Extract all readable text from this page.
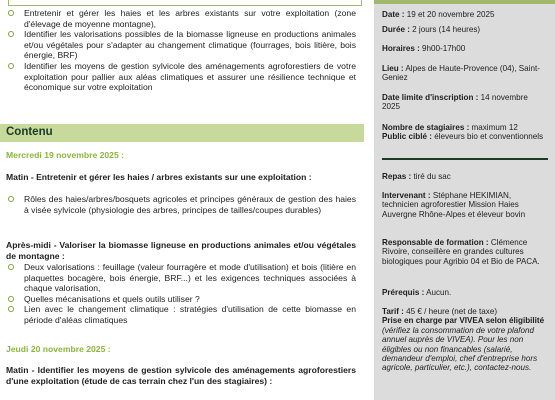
Entretenir et gérer les haies et les arbres existants sur votre exploitation (zone d'élevage de moyenne montagne),
Identifier les valorisations possibles de la biomasse ligneuse en productions animales et/ou végétales pour s'adapter au changement climatique (fourrages, bois litière, bois énergie, BRF)
Identifier les moyens de gestion sylvicole des aménagements agroforestiers de votre exploitation pour pallier aux aléas climatiques et assurer une résilience technique et économique sur votre exploitation
Contenu
Mercredi 19 novembre 2025 :
Matin - Entretenir et gérer les haies / arbres existants sur une exploitation :
Rôles des haies/arbres/bosquets agricoles et principes généraux de gestion des haies à visée sylvicole (physiologie des arbres, principes de tailles/coupes durables)
Après-midi - Valoriser la biomasse ligneuse en productions animales et/ou végétales de montagne :
Deux valorisations : feuillage (valeur fourragère et mode d'utilisation) et bois (litière en plaquettes bocagère, bois énergie, BRF...) et les exigences techniques associées à chaque valorisation,
Quelles mécanisations et quels outils utiliser ?
Lien avec le changement climatique : stratégies d'utilisation de cette biomasse en période d'aléas climatiques
Jeudi 20 novembre 2025 :
Matin - Identifier les moyens de gestion sylvicole des aménagements agroforestiers d'une exploitation (étude de cas terrain chez l'un des stagiaires) :
Date : 19 et 20 novembre 2025
Durée : 2 jours (14 heures)
Horaires : 9h00-17h00
Lieu : Alpes de Haute-Provence (04), Saint-Geniez
Date limite d'inscription : 14 novembre 2025
Nombre de stagiaires : maximum 12
Public ciblé : éleveurs bio et conventionnels
Repas : tiré du sac
Intervenant : Stéphane HEKIMIAN, technicien agroforestier Mission Haies Auvergne Rhône-Alpes et éleveur bovin
Responsable de formation : Clémence Rivoire, conseillère en grandes cultures biologiques pour Agribio 04 et Bio de PACA.
Prérequis : Aucun.
Tarif : 45 € / heure (net de taxe)
Prise en charge par VIVEA selon éligibilité (vérifiez la consommation de votre plafond annuel auprès de VIVEA). Pour les non éligibles ou non financables (salarié, demandeur d'emploi, chef d'entreprise hors agricole, particulier, etc.), contactez-nous.
